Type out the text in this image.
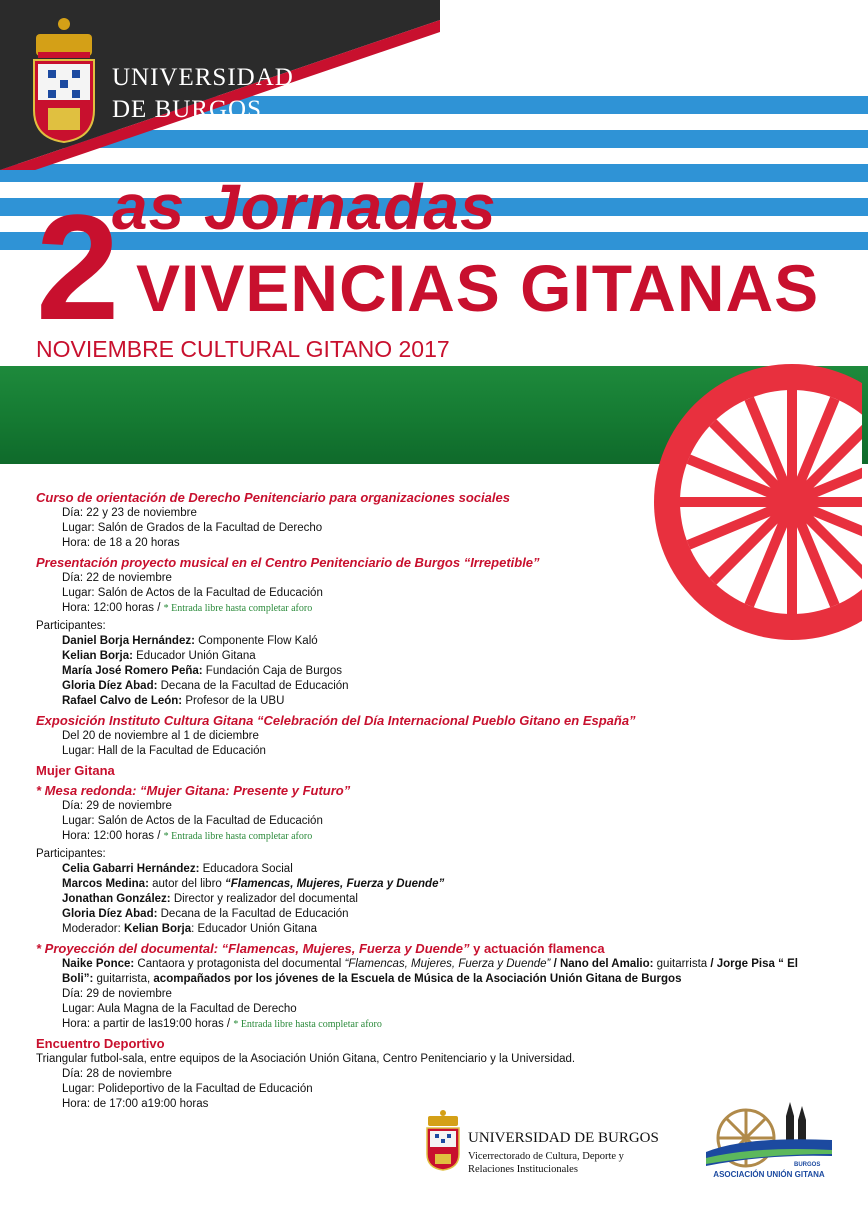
UNIVERSIDAD
DE BURGOS
2
as Jornadas
VIVENCIAS GITANAS
NOVIEMBRE CULTURAL GITANO 2017
Curso de orientación de Derecho Penitenciario para organizaciones sociales
Día: 22 y 23 de noviembre
Lugar: Salón de Grados de la Facultad de Derecho
Hora: de 18 a 20 horas
Presentación proyecto musical en el Centro Penitenciario de Burgos “Irrepetible”
Día: 22 de noviembre
Lugar: Salón de Actos de la Facultad de Educación
Hora: 12:00 horas / * Entrada libre hasta completar aforo
Participantes:
Daniel Borja Hernández: Componente Flow Kaló
Kelian Borja: Educador Unión Gitana
María José Romero Peña: Fundación Caja de Burgos
Gloria Díez Abad: Decana de la Facultad de Educación
Rafael Calvo de León: Profesor de la UBU
Exposición Instituto Cultura Gitana “Celebración del Día Internacional Pueblo Gitano en España”
Del 20 de noviembre al 1 de diciembre
Lugar: Hall de la Facultad de Educación
Mujer Gitana
* Mesa redonda: “Mujer Gitana: Presente y Futuro”
Día: 29 de noviembre
Lugar: Salón de Actos de la Facultad de Educación
Hora: 12:00 horas / * Entrada libre hasta completar aforo
Participantes:
Celia Gabarri Hernández: Educadora Social
Marcos Medina: autor del libro “Flamencas, Mujeres, Fuerza y Duende”
Jonathan González: Director y realizador del documental
Gloria Díez Abad: Decana de la Facultad de Educación
Moderador: Kelian Borja: Educador Unión Gitana
* Proyección del documental: “Flamencas, Mujeres, Fuerza y Duende” y actuación flamenca
Naike Ponce: Cantaora y protagonista del documental “Flamencas, Mujeres, Fuerza y Duende” / Nano del Amalio: guitarrista / Jorge Pisa “ El Boli”: guitarrista, acompañados por los jóvenes de la Escuela de Música de la Asociación Unión Gitana de Burgos
Día: 29 de noviembre
Lugar: Aula Magna de la Facultad de Derecho
Hora: a partir de las19:00 horas / * Entrada libre hasta completar aforo
Encuentro Deportivo
Triangular futbol-sala, entre equipos de la Asociación Unión Gitana, Centro Penitenciario y la Universidad.
Día: 28 de noviembre
Lugar: Polideportivo de la Facultad de Educación
Hora: de 17:00 a19:00 horas
UNIVERSIDAD DE BURGOS
Vicerrectorado de Cultura, Deporte y
Relaciones Institucionales	BURGOS
ASOCIACIÓN UNIÓN GITANA
